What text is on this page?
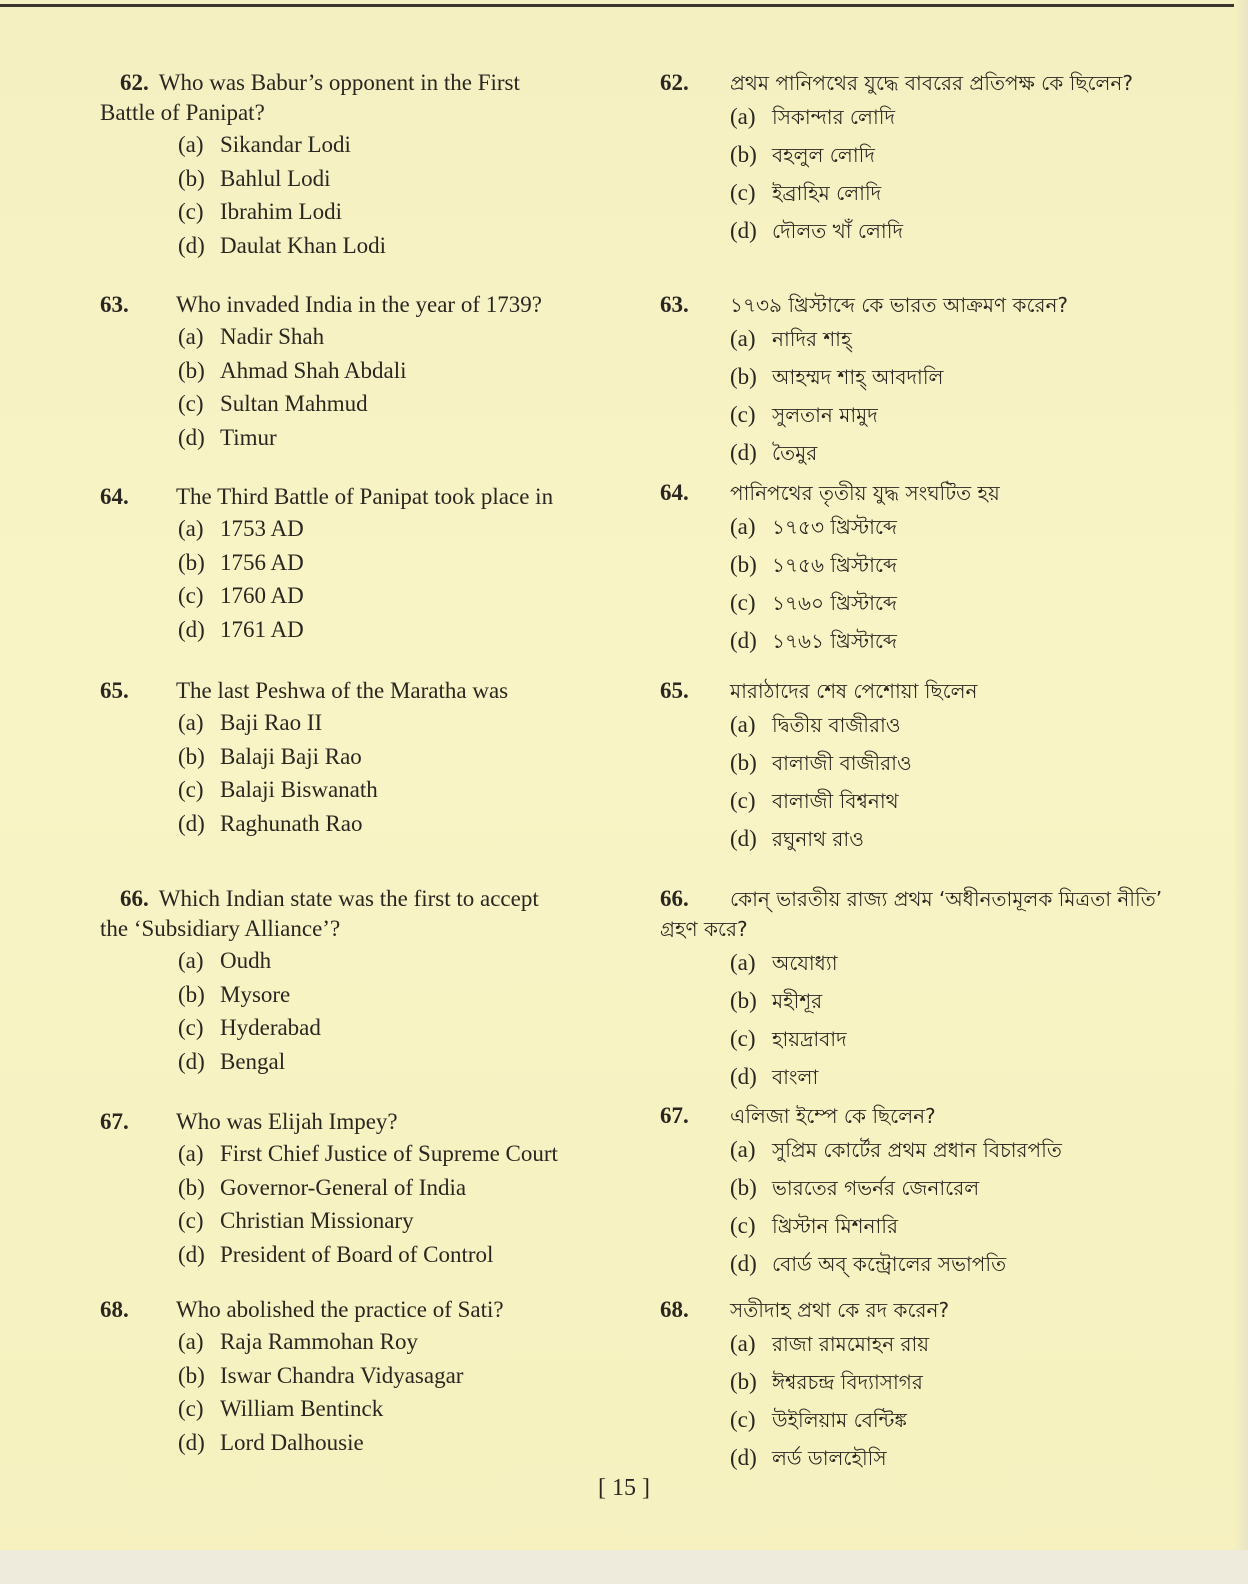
62. Who was Babur’s opponent in the First
Battle of Panipat?
(a) Sikandar Lodi
(b) Bahlul Lodi
(c) Ibrahim Lodi
(d) Daulat Khan Lodi
63. Who invaded India in the year of 1739?
(a) Nadir Shah
(b) Ahmad Shah Abdali
(c) Sultan Mahmud
(d) Timur
64. The Third Battle of Panipat took place in
(a) 1753 AD
(b) 1756 AD
(c) 1760 AD
(d) 1761 AD
65. The last Peshwa of the Maratha was
(a) Baji Rao II
(b) Balaji Baji Rao
(c) Balaji Biswanath
(d) Raghunath Rao
66. Which Indian state was the first to accept
the ‘Subsidiary Alliance’?
(a) Oudh
(b) Mysore
(c) Hyderabad
(d) Bengal
67. Who was Elijah Impey?
(a) First Chief Justice of Supreme Court
(b) Governor-General of India
(c) Christian Missionary
(d) President of Board of Control
68. Who abolished the practice of Sati?
(a) Raja Rammohan Roy
(b) Iswar Chandra Vidyasagar
(c) William Bentinck
(d) Lord Dalhousie
62. প্রথম পানিপথের যুদ্ধে বাবরের প্রতিপক্ষ কে ছিলেন?
(a) সিকান্দার লোদি
(b) বহলুল লোদি
(c) ইব্রাহিম লোদি
(d) দৌলত খাঁ লোদি
63. ১৭৩৯ খ্রিস্টাব্দে কে ভারত আক্রমণ করেন?
(a) নাদির শাহ্
(b) আহম্মদ শাহ্ আবদালি
(c) সুলতান মামুদ
(d) তৈমুর
64. পানিপথের তৃতীয় যুদ্ধ সংঘটিত হয়
(a) ১৭৫৩ খ্রিস্টাব্দে
(b) ১৭৫৬ খ্রিস্টাব্দে
(c) ১৭৬০ খ্রিস্টাব্দে
(d) ১৭৬১ খ্রিস্টাব্দে
65. মারাঠাদের শেষ পেশোয়া ছিলেন
(a) দ্বিতীয় বাজীরাও
(b) বালাজী বাজীরাও
(c) বালাজী বিশ্বনাথ
(d) রঘুনাথ রাও
66. কোন্ ভারতীয় রাজ্য প্রথম ‘অধীনতামূলক মিত্রতা নীতি’
গ্রহণ করে?
(a) অযোধ্যা
(b) মহীশূর
(c) হায়দ্রাবাদ
(d) বাংলা
67. এলিজা ইম্পে কে ছিলেন?
(a) সুপ্রিম কোর্টের প্রথম প্রধান বিচারপতি
(b) ভারতের গভর্নর জেনারেল
(c) খ্রিস্টান মিশনারি
(d) বোর্ড অব্ কন্ট্রোলের সভাপতি
68. সতীদাহ প্রথা কে রদ করেন?
(a) রাজা রামমোহন রায়
(b) ঈশ্বরচন্দ্র বিদ্যাসাগর
(c) উইলিয়াম বেন্টিঙ্ক
(d) লর্ড ডালহৌসি
[ 15 ]
